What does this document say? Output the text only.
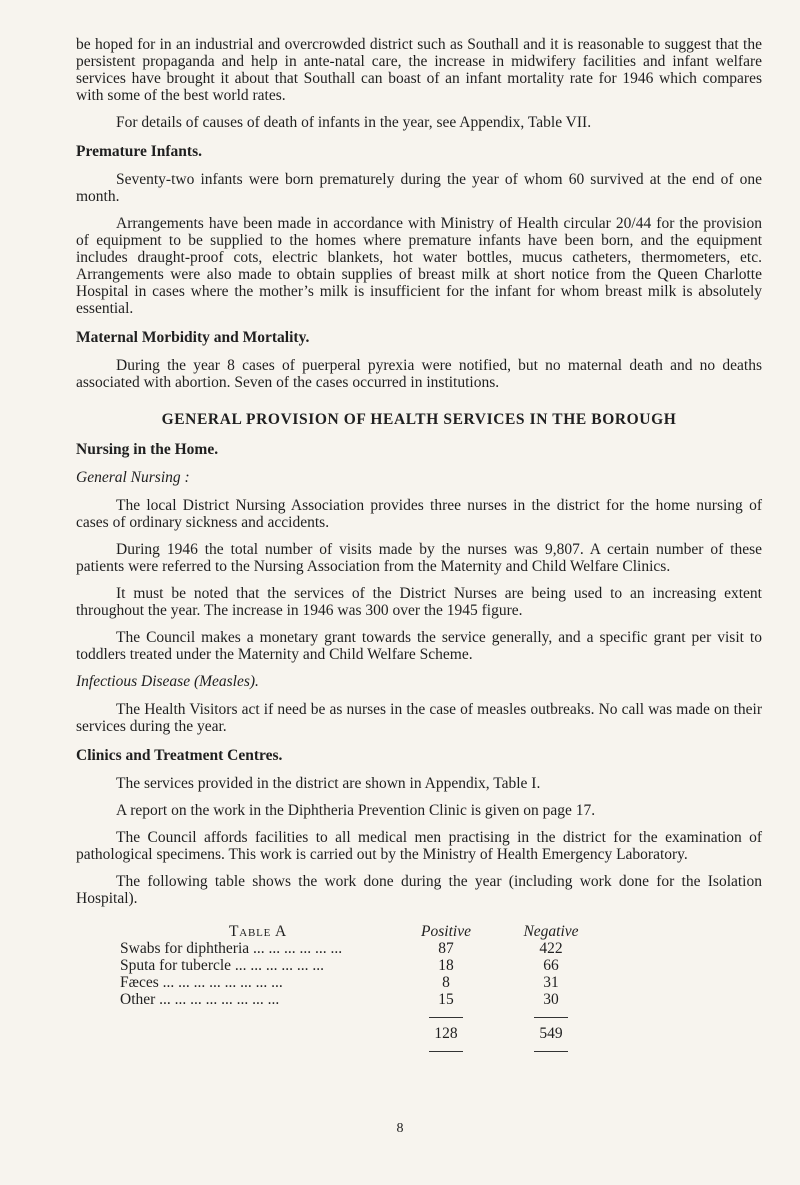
be hoped for in an industrial and overcrowded district such as Southall and it is reasonable to suggest that the persistent propaganda and help in ante-natal care, the increase in midwifery facilities and infant welfare services have brought it about that Southall can boast of an infant mortality rate for 1946 which compares with some of the best world rates.

For details of causes of death of infants in the year, see Appendix, Table VII.

Premature Infants.

Seventy-two infants were born prematurely during the year of whom 60 survived at the end of one month.

Arrangements have been made in accordance with Ministry of Health circular 20/44 for the provision of equipment to be supplied to the homes where premature infants have been born, and the equipment includes draught-proof cots, electric blankets, hot water bottles, mucus catheters, thermometers, etc. Arrangements were also made to obtain supplies of breast milk at short notice from the Queen Charlotte Hospital in cases where the mother’s milk is insufficient for the infant for whom breast milk is absolutely essential.

Maternal Morbidity and Mortality.

During the year 8 cases of puerperal pyrexia were notified, but no maternal death and no deaths associated with abortion. Seven of the cases occurred in institutions.

GENERAL PROVISION OF HEALTH SERVICES IN THE BOROUGH
Nursing in the Home.
General Nursing :

The local District Nursing Association provides three nurses in the district for the home nursing of cases of ordinary sickness and accidents.

During 1946 the total number of visits made by the nurses was 9,807. A certain number of these patients were referred to the Nursing Association from the Maternity and Child Welfare Clinics.

It must be noted that the services of the District Nurses are being used to an increasing extent throughout the year. The increase in 1946 was 300 over the 1945 figure.

The Council makes a monetary grant towards the service generally, and a specific grant per visit to toddlers treated under the Maternity and Child Welfare Scheme.

Infectious Disease (Measles).

The Health Visitors act if need be as nurses in the case of measles outbreaks. No call was made on their services during the year.

Clinics and Treatment Centres.

The services provided in the district are shown in Appendix, Table I.

A report on the work in the Diphtheria Prevention Clinic is given on page 17.

The Council affords facilities to all medical men practising in the district for the examination of pathological specimens. This work is carried out by the Ministry of Health Emergency Laboratory.

The following table shows the work done during the year (including work done for the Isolation Hospital).

Table A	Positive	Negative
Swabs for diphtheria ... ... ... ... ... ...	87	422
Sputa for tubercle ... ... ... ... ... ...	18	66
Fæces ... ... ... ... ... ... ... ...	8	31
Other ... ... ... ... ... ... ... ...	15	30

	128	549

8
